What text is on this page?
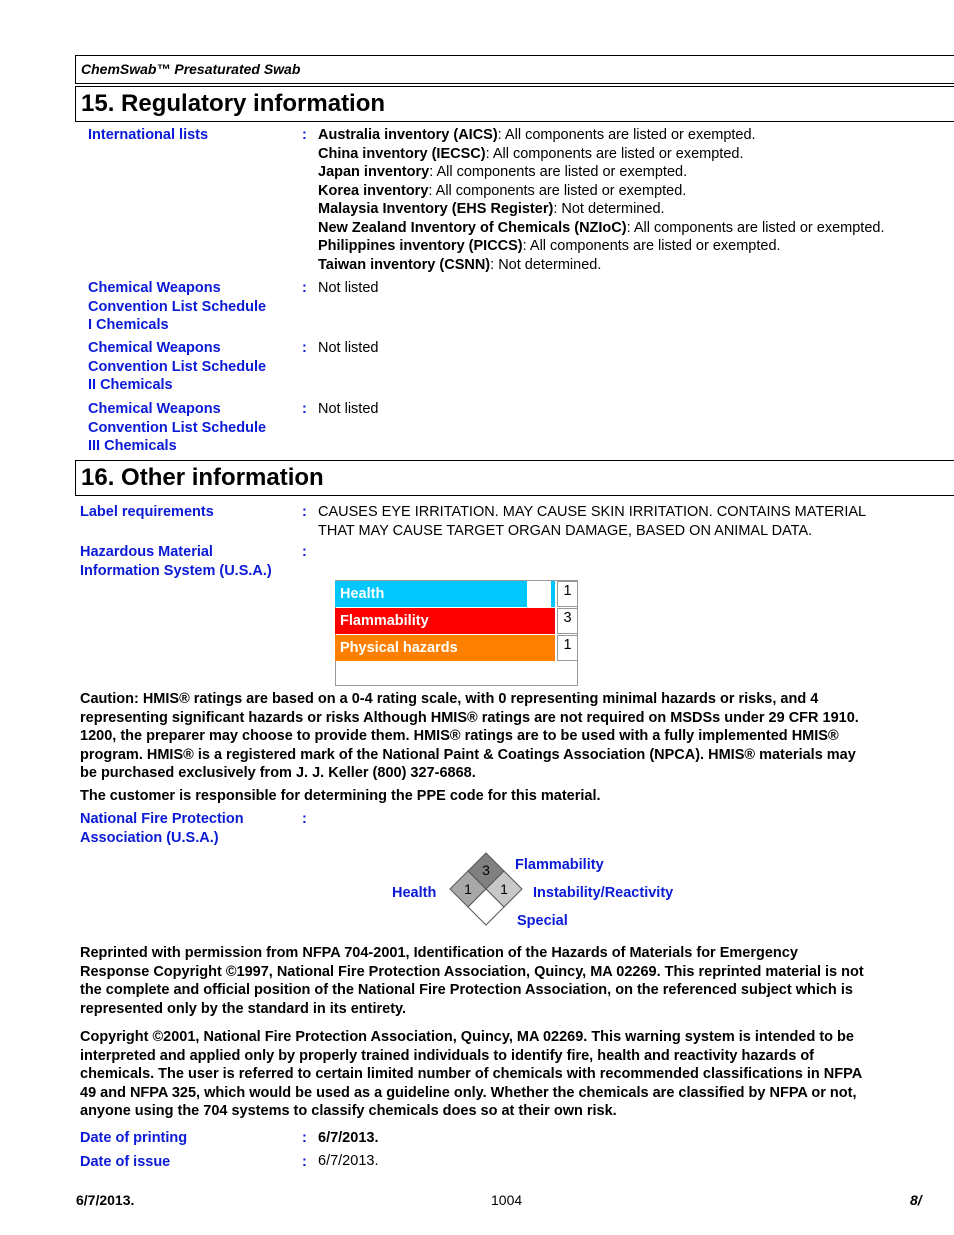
ChemSwab™ Presaturated Swab
15. Regulatory information
International lists	: Australia inventory (AICS): All components are listed or exempted.
China inventory (IECSC): All components are listed or exempted.
Japan inventory: All components are listed or exempted.
Korea inventory: All components are listed or exempted.
Malaysia Inventory (EHS Register): Not determined.
New Zealand Inventory of Chemicals (NZIoC): All components are listed or exempted.
Philippines inventory (PICCS): All components are listed or exempted.
Taiwan inventory (CSNN): Not determined.
Chemical Weapons
Convention List Schedule
I Chemicals
: Not listed
Chemical Weapons
Convention List Schedule
II Chemicals
: Not listed
Chemical Weapons
Convention List Schedule
III Chemicals
: Not listed
16. Other information
Label requirements	: CAUSES EYE IRRITATION. MAY CAUSE SKIN IRRITATION. CONTAINS MATERIAL
THAT MAY CAUSE TARGET ORGAN DAMAGE, BASED ON ANIMAL DATA.
Hazardous Material
Information System (U.S.A.)
:
Health	1
Flammability	3
Physical hazards	1
Caution: HMIS® ratings are based on a 0-4 rating scale, with 0 representing minimal hazards or risks, and 4
representing significant hazards or risks Although HMIS® ratings are not required on MSDSs under 29 CFR 1910.
1200, the preparer may choose to provide them. HMIS® ratings are to be used with a fully implemented HMIS®
program. HMIS® is a registered mark of the National Paint & Coatings Association (NPCA). HMIS® materials may
be purchased exclusively from J. J. Keller (800) 327-6868.
The customer is responsible for determining the PPE code for this material.
National Fire Protection
Association (U.S.A.)
:
3
1 1
Flammability
Health	Instability/Reactivity
Special
Reprinted with permission from NFPA 704-2001, Identification of the Hazards of Materials for Emergency
Response Copyright ©1997, National Fire Protection Association, Quincy, MA 02269. This reprinted material is not
the complete and official position of the National Fire Protection Association, on the referenced subject which is
represented only by the standard in its entirety.
Copyright ©2001, National Fire Protection Association, Quincy, MA 02269. This warning system is intended to be
interpreted and applied only by properly trained individuals to identify fire, health and reactivity hazards of
chemicals. The user is referred to certain limited number of chemicals with recommended classifications in NFPA
49 and NFPA 325, which would be used as a guideline only. Whether the chemicals are classified by NFPA or not,
anyone using the 704 systems to classify chemicals does so at their own risk.
Date of printing	: 6/7/2013.
Date of issue	: 6/7/2013.
6/7/2013.	1004	8/
